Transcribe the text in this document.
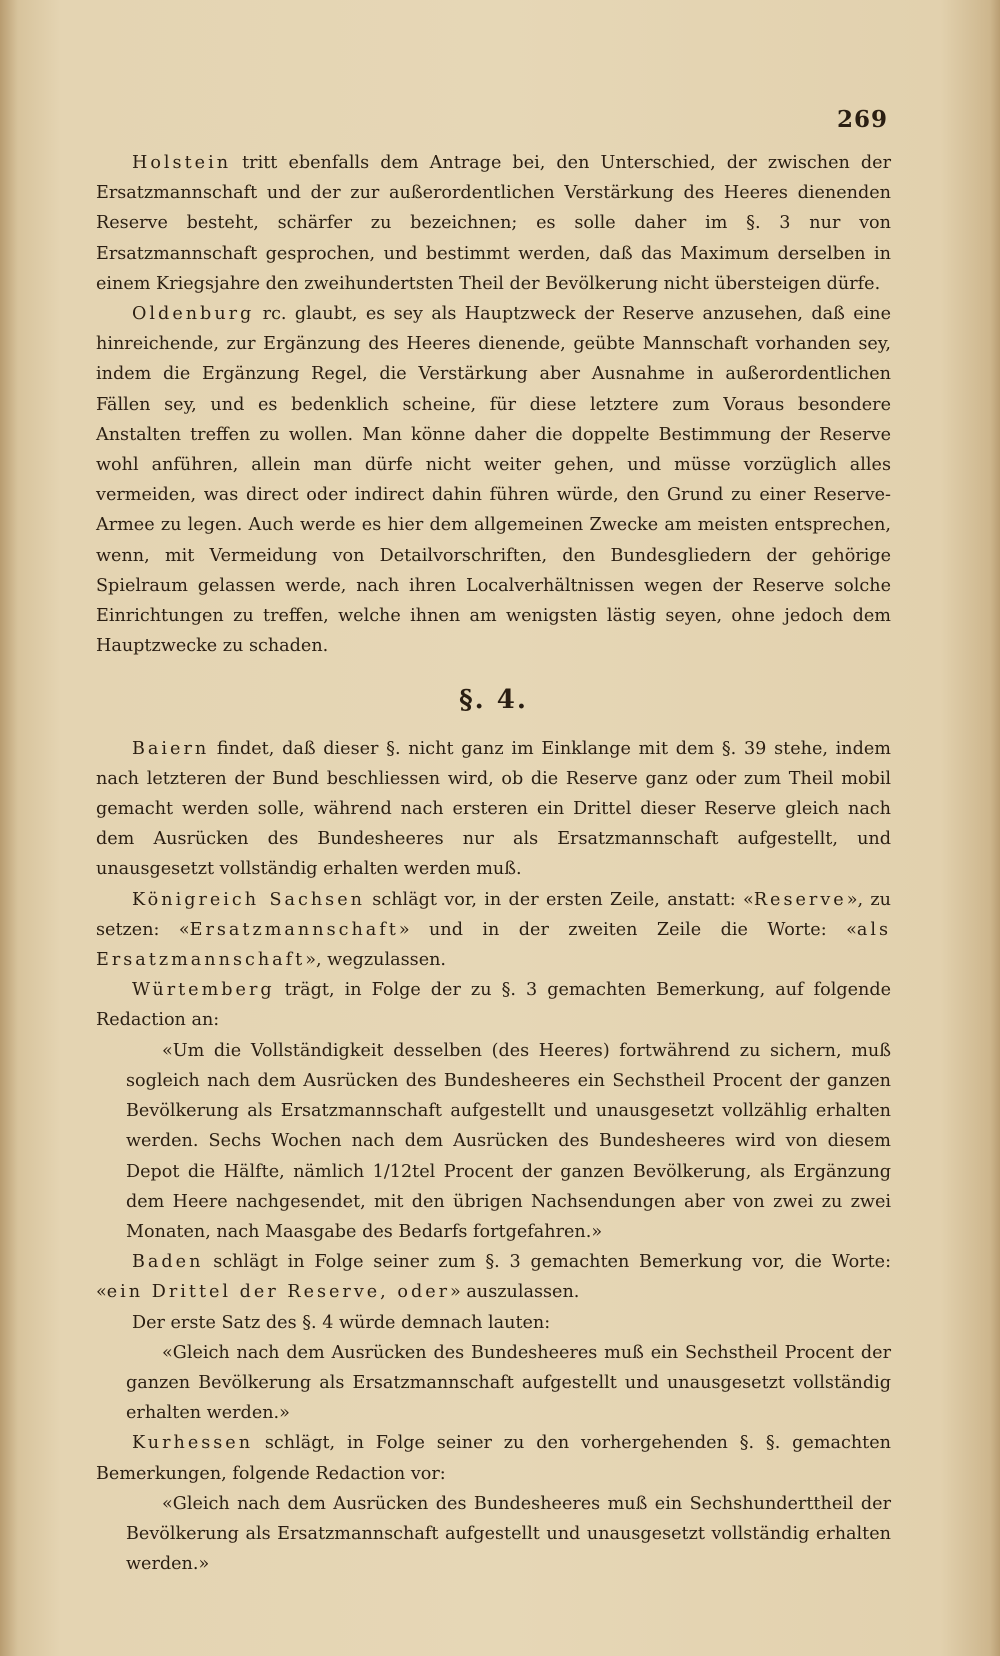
269

Holstein tritt ebenfalls dem Antrage bei, den Unterschied, der zwischen der Ersatzmannschaft und der zur außerordentlichen Verstärkung des Heeres dienenden Reserve besteht, schärfer zu bezeichnen; es solle daher im §. 3 nur von Ersatzmannschaft gesprochen, und bestimmt werden, daß das Maximum derselben in einem Kriegsjahre den zweihundertsten Theil der Bevölkerung nicht übersteigen dürfe.

Oldenburg rc. glaubt, es sey als Hauptzweck der Reserve anzusehen, daß eine hinreichende, zur Ergänzung des Heeres dienende, geübte Mannschaft vorhanden sey, indem die Ergänzung Regel, die Verstärkung aber Ausnahme in außerordentlichen Fällen sey, und es bedenklich scheine, für diese letztere zum Voraus besondere Anstalten treffen zu wollen. Man könne daher die doppelte Bestimmung der Reserve wohl anführen, allein man dürfe nicht weiter gehen, und müsse vorzüglich alles vermeiden, was direct oder indirect dahin führen würde, den Grund zu einer Reserve-Armee zu legen. Auch werde es hier dem allgemeinen Zwecke am meisten entsprechen, wenn, mit Vermeidung von Detailvorschriften, den Bundesgliedern der gehörige Spielraum gelassen werde, nach ihren Localverhältnissen wegen der Reserve solche Einrichtungen zu treffen, welche ihnen am wenigsten lästig seyen, ohne jedoch dem Hauptzwecke zu schaden.

§. 4.

Baiern findet, daß dieser §. nicht ganz im Einklange mit dem §. 39 stehe, indem nach letzteren der Bund beschliessen wird, ob die Reserve ganz oder zum Theil mobil gemacht werden solle, während nach ersteren ein Drittel dieser Reserve gleich nach dem Ausrücken des Bundesheeres nur als Ersatzmannschaft aufgestellt, und unausgesetzt vollständig erhalten werden muß.

Königreich Sachsen schlägt vor, in der ersten Zeile, anstatt: «Reserve», zu setzen: «Ersatzmannschaft» und in der zweiten Zeile die Worte: «als Ersatzmannschaft», wegzulassen.

Würtemberg trägt, in Folge der zu §. 3 gemachten Bemerkung, auf folgende Redaction an:

«Um die Vollständigkeit desselben (des Heeres) fortwährend zu sichern, muß sogleich nach dem Ausrücken des Bundesheeres ein Sechstheil Procent der ganzen Bevölkerung als Ersatzmannschaft aufgestellt und unausgesetzt vollzählig erhalten werden. Sechs Wochen nach dem Ausrücken des Bundesheeres wird von diesem Depot die Hälfte, nämlich 1/12tel Procent der ganzen Bevölkerung, als Ergänzung dem Heere nachgesendet, mit den übrigen Nachsendungen aber von zwei zu zwei Monaten, nach Maasgabe des Bedarfs fortgefahren.»

Baden schlägt in Folge seiner zum §. 3 gemachten Bemerkung vor, die Worte: «ein Drittel der Reserve, oder» auszulassen.

Der erste Satz des §. 4 würde demnach lauten:

«Gleich nach dem Ausrücken des Bundesheeres muß ein Sechstheil Procent der ganzen Bevölkerung als Ersatzmannschaft aufgestellt und unausgesetzt vollständig erhalten werden.»

Kurhessen schlägt, in Folge seiner zu den vorhergehenden §. §. gemachten Bemerkungen, folgende Redaction vor:

«Gleich nach dem Ausrücken des Bundesheeres muß ein Sechshunderttheil der Bevölkerung als Ersatzmannschaft aufgestellt und unausgesetzt vollständig erhalten werden.»
